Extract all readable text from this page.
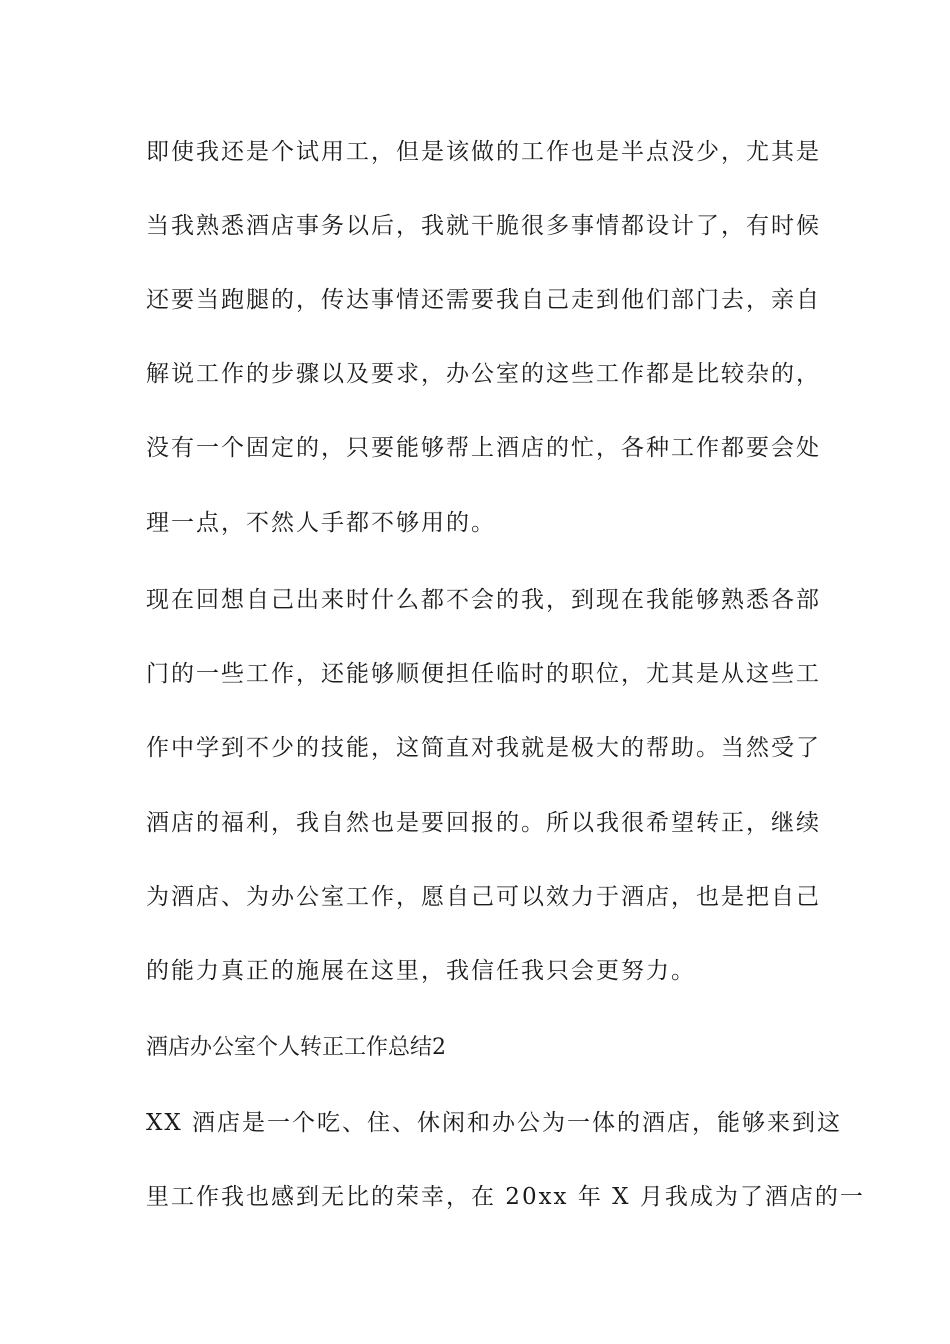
即使我还是个试用工，但是该做的工作也是半点没少，尤其是
当我熟悉酒店事务以后，我就干脆很多事情都设计了，有时候
还要当跑腿的，传达事情还需要我自己走到他们部门去，亲自
解说工作的步骤以及要求，办公室的这些工作都是比较杂的，
没有一个固定的，只要能够帮上酒店的忙，各种工作都要会处
理一点，不然人手都不够用的。
现在回想自己出来时什么都不会的我，到现在我能够熟悉各部
门的一些工作，还能够顺便担任临时的职位，尤其是从这些工
作中学到不少的技能，这简直对我就是极大的帮助。当然受了
酒店的福利，我自然也是要回报的。所以我很希望转正，继续
为酒店、为办公室工作，愿自己可以效力于酒店，也是把自己
的能力真正的施展在这里，我信任我只会更努力。
酒店办公室个人转正工作总结2
XX 酒店是一个吃、住、休闲和办公为一体的酒店，能够来到这
里工作我也感到无比的荣幸，在 20xx 年 X 月我成为了酒店的一
